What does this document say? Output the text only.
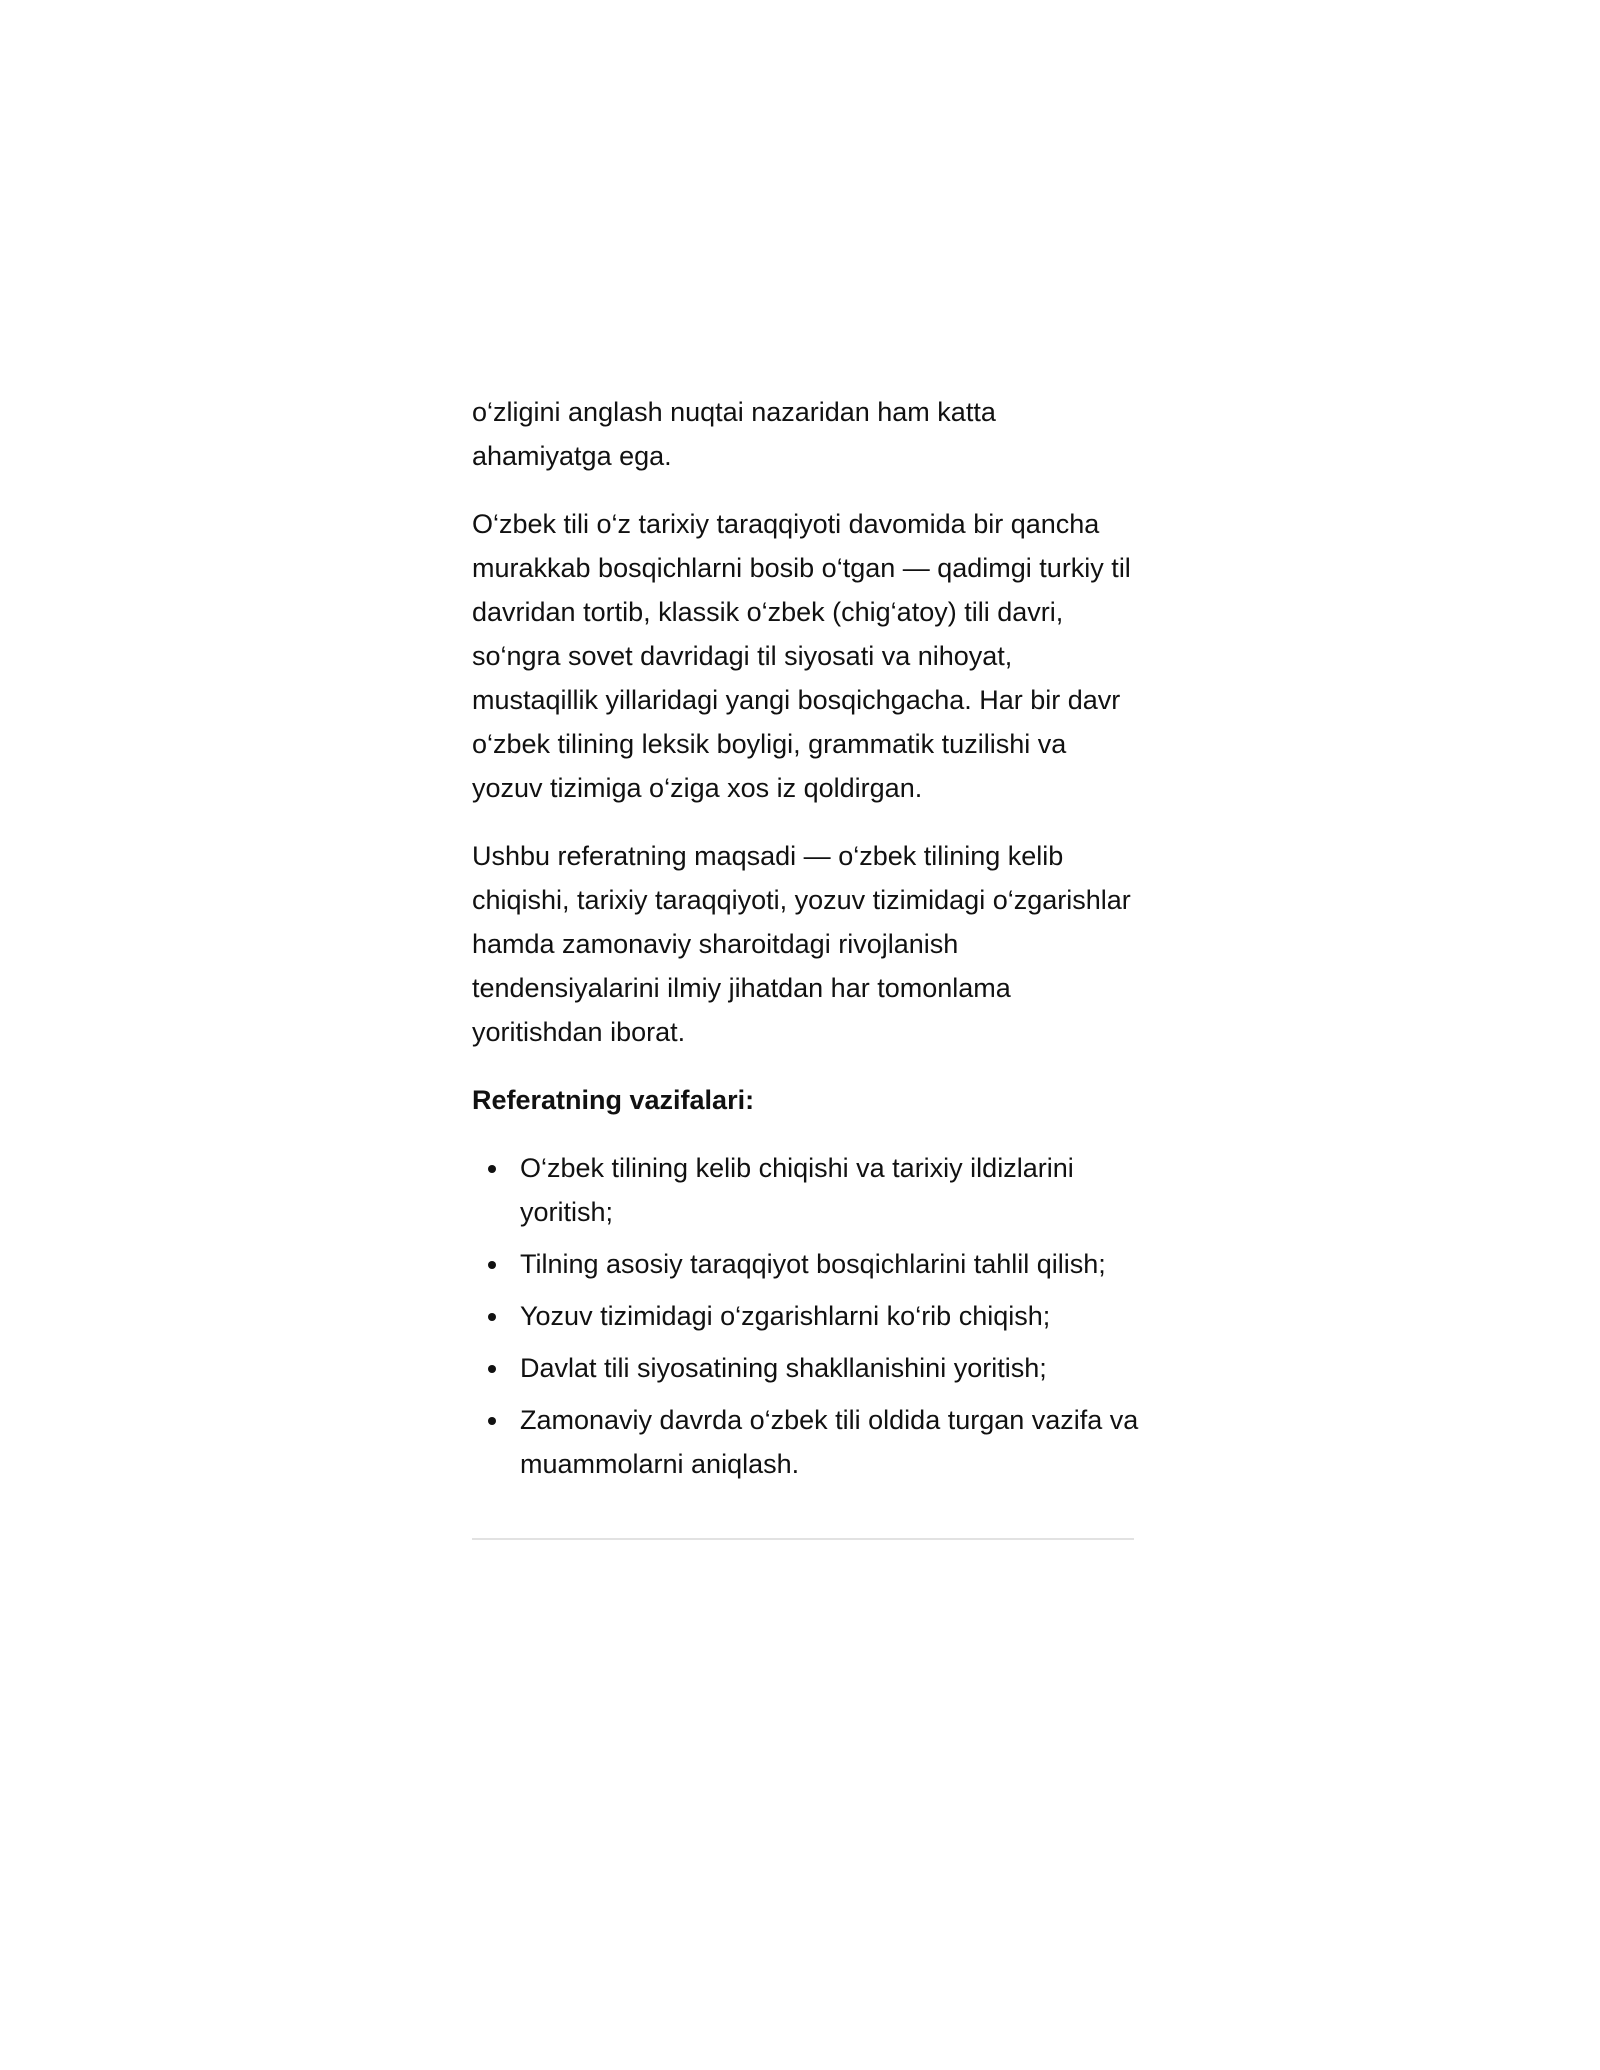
o‘zligini anglash nuqtai nazaridan ham katta ahamiyatga ega.

O‘zbek tili o‘z tarixiy taraqqiyoti davomida bir qancha murakkab bosqichlarni bosib o‘tgan — qadimgi turkiy til davridan tortib, klassik o‘zbek (chig‘atoy) tili davri, so‘ngra sovet davridagi til siyosati va nihoyat, mustaqillik yillaridagi yangi bosqichgacha. Har bir davr o‘zbek tilining leksik boyligi, grammatik tuzilishi va yozuv tizimiga o‘ziga xos iz qoldirgan.

Ushbu referatning maqsadi — o‘zbek tilining kelib chiqishi, tarixiy taraqqiyoti, yozuv tizimidagi o‘zgarishlar hamda zamonaviy sharoitdagi rivojlanish tendensiyalarini ilmiy jihatdan har tomonlama yoritishdan iborat.

Referatning vazifalari:

O‘zbek tilining kelib chiqishi va tarixiy ildizlarini yoritish;
Tilning asosiy taraqqiyot bosqichlarini tahlil qilish;
Yozuv tizimidagi o‘zgarishlarni ko‘rib chiqish;
Davlat tili siyosatining shakllanishini yoritish;
Zamonaviy davrda o‘zbek tili oldida turgan vazifa va muammolarni aniqlash.
